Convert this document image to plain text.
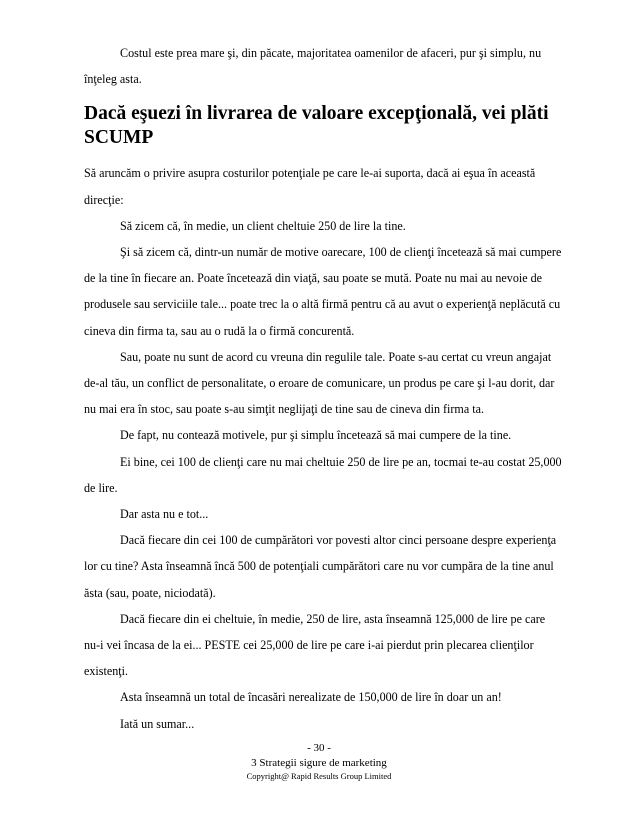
Costul este prea mare şi, din păcate, majoritatea oamenilor de afaceri, pur şi simplu, nu înţeleg asta.

Dacă eşuezi în livrarea de valoare excepţională, vei plăti SCUMP

Să aruncăm o privire asupra costurilor potenţiale pe care le-ai suporta, dacă ai eşua în această direcţie:

Să zicem că, în medie, un client cheltuie 250 de lire la tine.

Şi să zicem că, dintr-un număr de motive oarecare, 100 de clienţi încetează să mai cumpere de la tine în fiecare an. Poate încetează din viaţă, sau poate se mută. Poate nu mai au nevoie de produsele sau serviciile tale... poate trec la o altă firmă pentru că au avut o experienţă neplăcută cu cineva din firma ta, sau au o rudă la o firmă concurentă.

Sau, poate nu sunt de acord cu vreuna din regulile tale. Poate s-au certat cu vreun angajat de-al tău, un conflict de personalitate, o eroare de comunicare, un produs pe care şi l-au dorit, dar nu mai era în stoc, sau poate s-au simţit neglijaţi de tine sau de cineva din firma ta.

De fapt, nu contează motivele, pur şi simplu încetează să mai cumpere de la tine.

Ei bine, cei 100 de clienţi care nu mai cheltuie 250 de lire pe an, tocmai te-au costat 25,000 de lire.

Dar asta nu e tot...

Dacă fiecare din cei 100 de cumpărători vor povesti altor cinci persoane despre experienţa lor cu tine? Asta înseamnă încă 500 de potenţiali cumpărători care nu vor cumpăra de la tine anul ăsta (sau, poate, niciodată).

Dacă fiecare din ei cheltuie, în medie, 250 de lire, asta înseamnă 125,000 de lire pe care nu-i vei încasa de la ei... PESTE cei 25,000 de lire pe care i-ai pierdut prin plecarea clienţilor existenţi.

Asta înseamnă un total de încasări nerealizate de 150,000 de lire în doar un an!

Iată un sumar...

- 30 -
3 Strategii sigure de marketing
Copyright@ Rapid Results Group Limited
